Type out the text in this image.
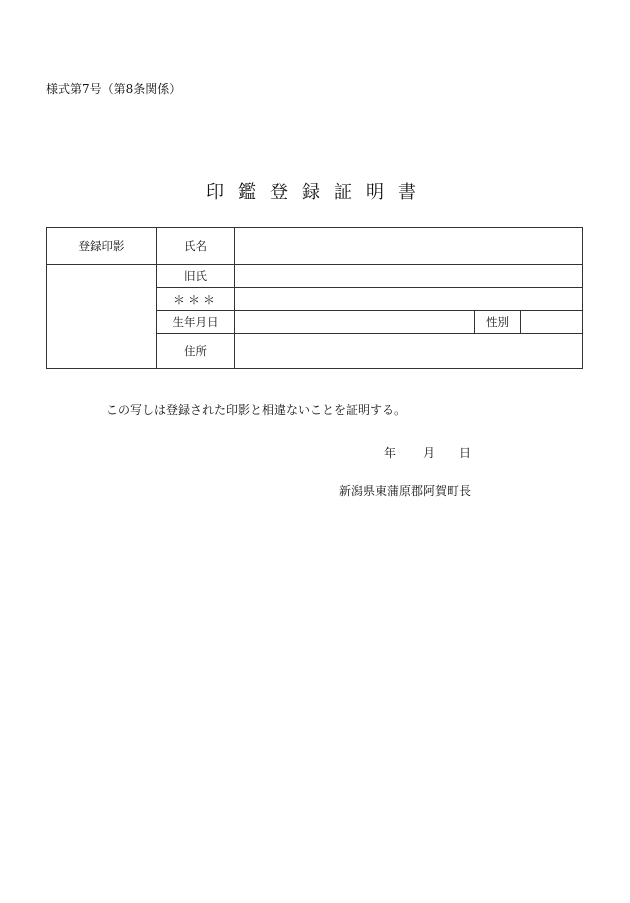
様式第7号（第8条関係）
印鑑登録証明書
登録印影	氏名			
	旧氏			
	＊＊＊			
	生年月日		性別	
	住所			
この写しは登録された印影と相違ないことを証明する。
年 月 日
新潟県東蒲原郡阿賀町長
